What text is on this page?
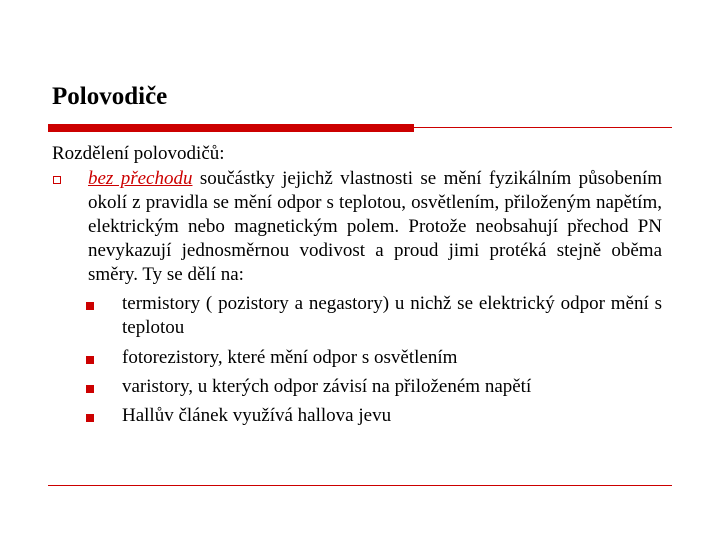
Polovodiče
Rozdělení polovodičů:
bez přechodu součástky jejichž vlastnosti se mění fyzikálním působením okolí z pravidla se mění odpor s teplotou, osvětlením, přiloženým napětím, elektrickým nebo magnetickým polem. Protože neobsahují přechod PN nevykazují jednosměrnou vodivost a proud jimi protéká stejně oběma směry. Ty se dělí na:
termistory ( pozistory a negastory) u nichž se elektrický odpor mění s teplotou
fotorezistory, které mění odpor s osvětlením
varistory, u kterých odpor závisí na přiloženém napětí
Hallův článek využívá hallova jevu
